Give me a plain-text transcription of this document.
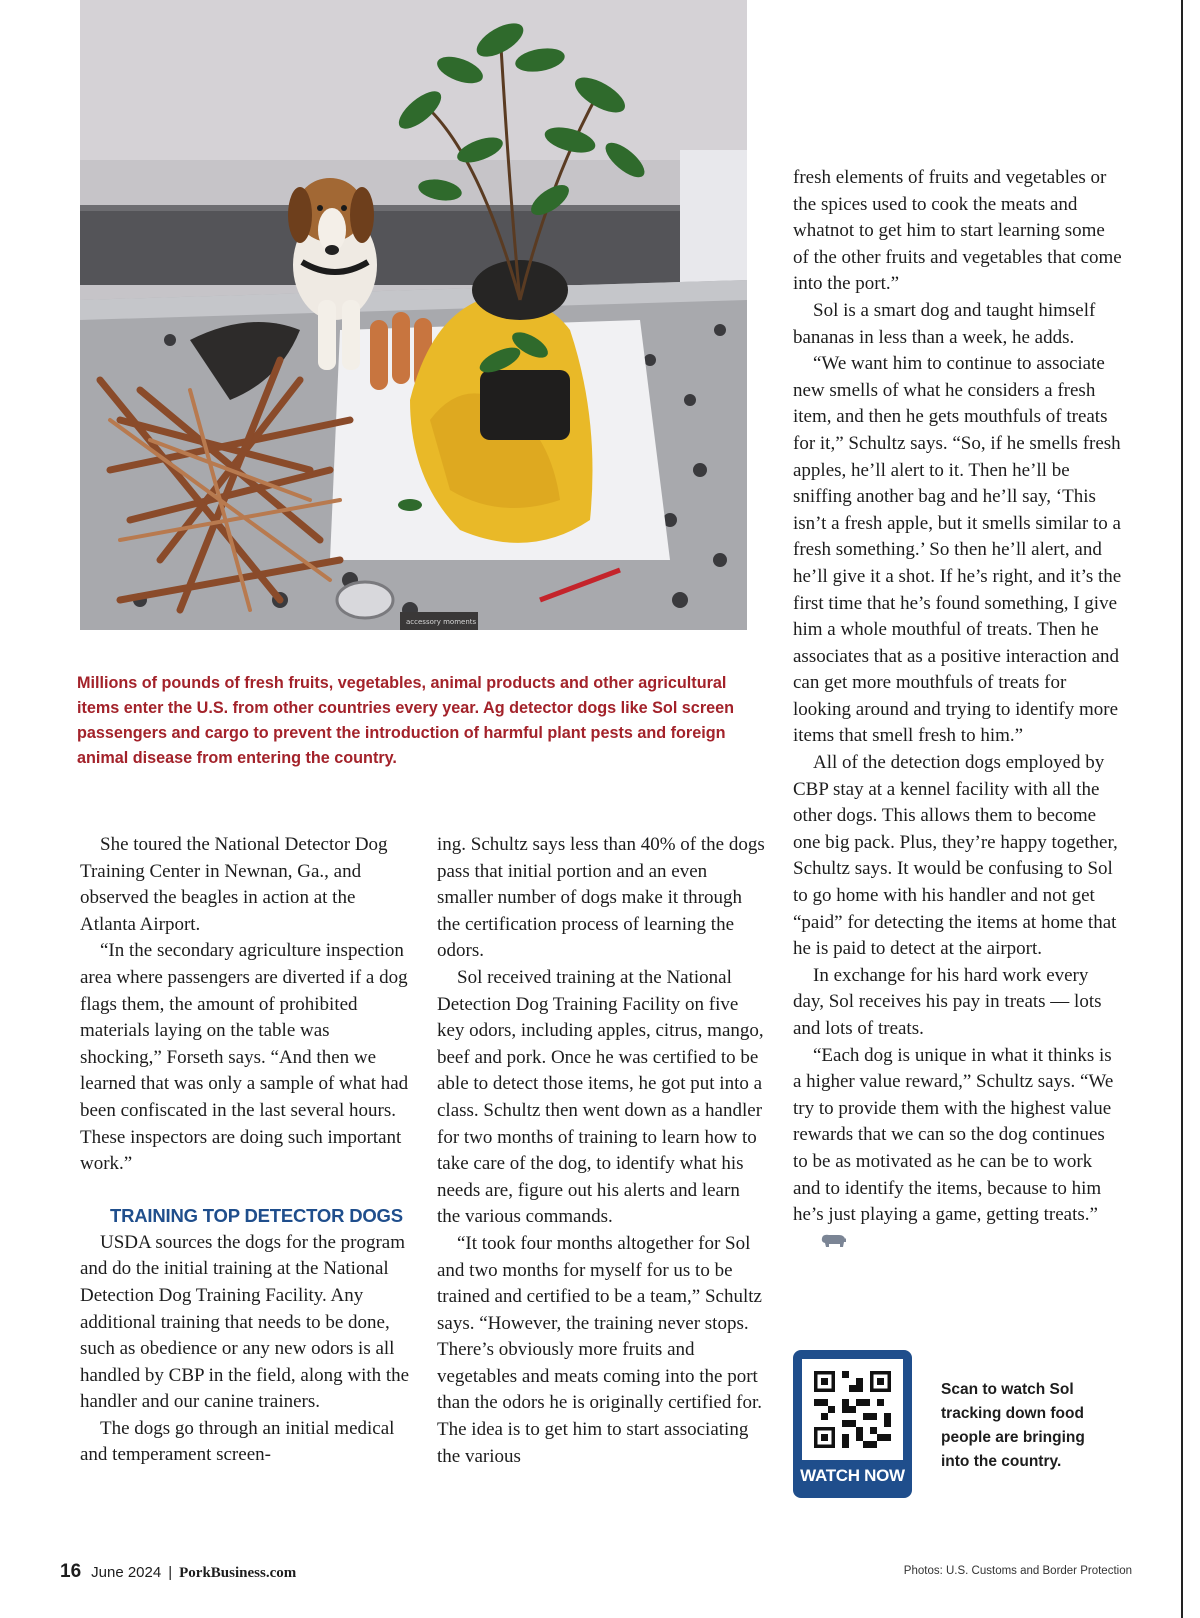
accessory moments
Millions of pounds of fresh fruits, vegetables, animal products and other agricultural items enter the U.S. from other countries every year. Ag detector dogs like Sol screen passengers and cargo to prevent the introduction of harmful plant pests and foreign animal disease from entering the country.

She toured the National Detector Dog Training Center in Newnan, Ga., and observed the beagles in action at the Atlanta Airport.

“In the secondary agriculture inspection area where passengers are diverted if a dog flags them, the amount of prohibited materials laying on the table was shocking,” Forseth says. “And then we learned that was only a sample of what had been confiscated in the last several hours. These inspectors are doing such important work.”

TRAINING TOP DETECTOR DOGS

USDA sources the dogs for the program and do the initial training at the National Detection Dog Training Facility. Any additional training that needs to be done, such as obedience or any new odors is all handled by CBP in the field, along with the handler and our canine trainers.

The dogs go through an initial medical and temperament screen-

ing. Schultz says less than 40% of the dogs pass that initial portion and an even smaller number of dogs make it through the certification process of learning the odors.

Sol received training at the National Detection Dog Training Facility on five key odors, including apples, citrus, mango, beef and pork. Once he was certified to be able to detect those items, he got put into a class. Schultz then went down as a handler for two months of training to learn how to take care of the dog, to identify what his needs are, figure out his alerts and learn the various commands.

“It took four months altogether for Sol and two months for myself for us to be trained and certified to be a team,” Schultz says. “However, the training never stops. There’s obviously more fruits and vegetables and meats coming into the port than the odors he is originally certified for. The idea is to get him to start associating the various

fresh elements of fruits and vegetables or the spices used to cook the meats and whatnot to get him to start learning some of the other fruits and vegetables that come into the port.”

Sol is a smart dog and taught himself bananas in less than a week, he adds.

“We want him to continue to associate new smells of what he considers a fresh item, and then he gets mouthfuls of treats for it,” Schultz says. “So, if he smells fresh apples, he’ll alert to it. Then he’ll be sniffing another bag and he’ll say, ‘This isn’t a fresh apple, but it smells similar to a fresh something.’ So then he’ll alert, and he’ll give it a shot. If he’s right, and it’s the first time that he’s found something, I give him a whole mouthful of treats. Then he associates that as a positive interaction and can get more mouthfuls of treats for looking around and trying to identify more items that smell fresh to him.”

All of the detection dogs employed by CBP stay at a kennel facility with all the other dogs. This allows them to become one big pack. Plus, they’re happy together, Schultz says. It would be confusing to Sol to go home with his handler and not get “paid” for detecting the items at home that he is paid to detect at the airport.

In exchange for his hard work every day, Sol receives his pay in treats — lots and lots of treats.

“Each dog is unique in what it thinks is a higher value reward,” Schultz says. “We try to provide them with the highest value rewards that we can so the dog continues to be as motivated as he can be to work and to identify the items, because to him he’s just playing a game, getting treats.”

WATCH NOW
Scan to watch Sol tracking down food people are bringing into the country.
16 June 2024 | PorkBusiness.com	Photos: U.S. Customs and Border Protection
